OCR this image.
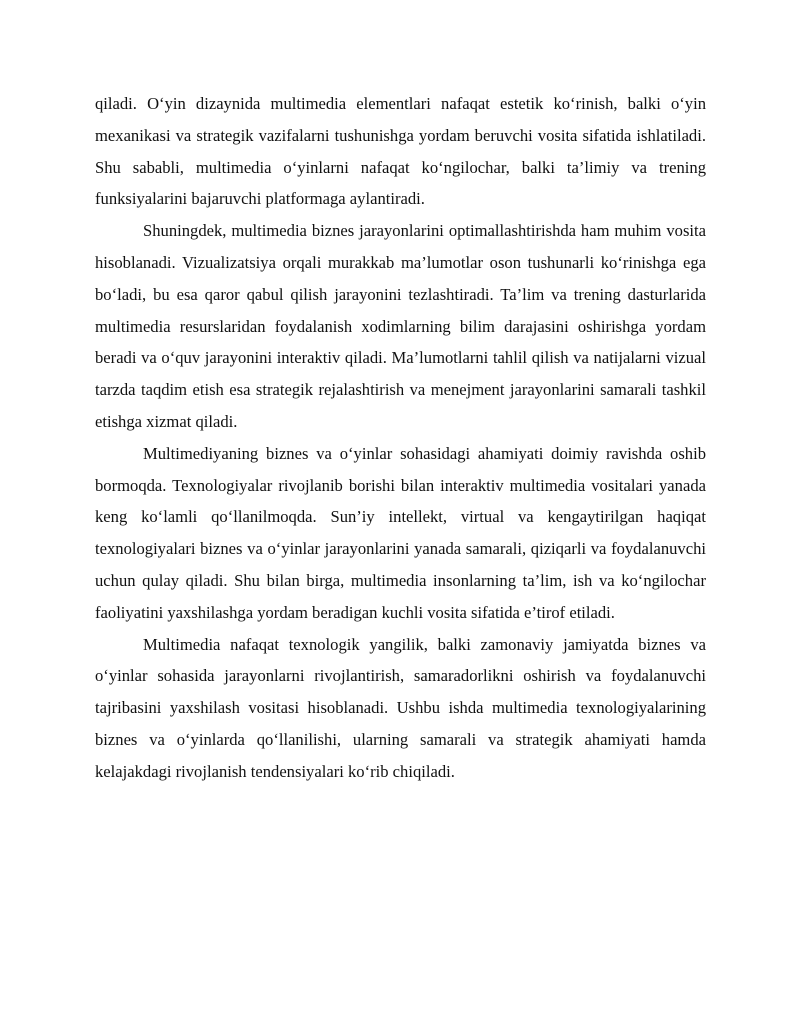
qiladi. O‘yin dizaynida multimedia elementlari nafaqat estetik ko‘rinish, balki o‘yin mexanikasi va strategik vazifalarni tushunishga yordam beruvchi vosita sifatida ishlatiladi. Shu sababli, multimedia o‘yinlarni nafaqat ko‘ngilochar, balki ta’limiy va trening funksiyalarini bajaruvchi platformaga aylantiradi.

Shuningdek, multimedia biznes jarayonlarini optimallashtirishda ham muhim vosita hisoblanadi. Vizualizatsiya orqali murakkab ma’lumotlar oson tushunarli ko‘rinishga ega bo‘ladi, bu esa qaror qabul qilish jarayonini tezlashtiradi. Ta’lim va trening dasturlarida multimedia resurslaridan foydalanish xodimlarning bilim darajasini oshirishga yordam beradi va o‘quv jarayonini interaktiv qiladi. Ma’lumotlarni tahlil qilish va natijalarni vizual tarzda taqdim etish esa strategik rejalashtirish va menejment jarayonlarini samarali tashkil etishga xizmat qiladi.

Multimediyaning biznes va o‘yinlar sohasidagi ahamiyati doimiy ravishda oshib bormoqda. Texnologiyalar rivojlanib borishi bilan interaktiv multimedia vositalari yanada keng ko‘lamli qo‘llanilmoqda. Sun’iy intellekt, virtual va kengaytirilgan haqiqat texnologiyalari biznes va o‘yinlar jarayonlarini yanada samarali, qiziqarli va foydalanuvchi uchun qulay qiladi. Shu bilan birga, multimedia insonlarning ta’lim, ish va ko‘ngilochar faoliyatini yaxshilashga yordam beradigan kuchli vosita sifatida e’tirof etiladi.

Multimedia nafaqat texnologik yangilik, balki zamonaviy jamiyatda biznes va o‘yinlar sohasida jarayonlarni rivojlantirish, samaradorlikni oshirish va foydalanuvchi tajribasini yaxshilash vositasi hisoblanadi. Ushbu ishda multimedia texnologiyalarining biznes va o‘yinlarda qo‘llanilishi, ularning samarali va strategik ahamiyati hamda kelajakdagi rivojlanish tendensiyalari ko‘rib chiqiladi.
